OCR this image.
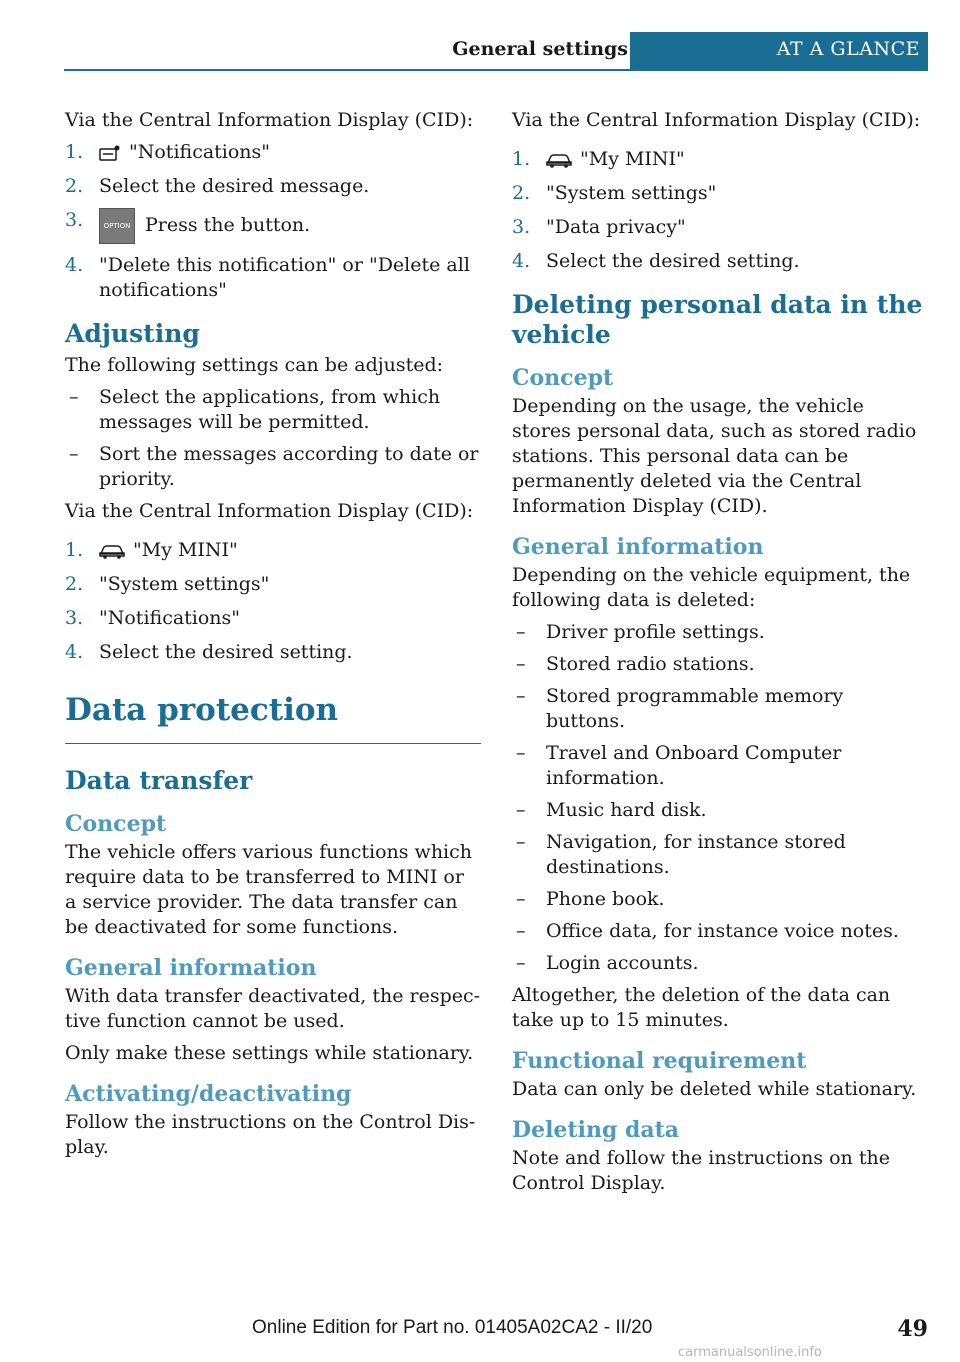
General settings	AT A GLANCE

Via the Central Information Display (CID):

1.	"Notifications"
2. Select the desired message.
3.	OPTION Press the button.
4. "Delete this notification" or "Delete all notifications"
Adjusting

The following settings can be adjusted:

–	Select the applications, from which messages will be permitted.
–	Sort the messages according to date or priority.

Via the Central Information Display (CID):

1.	"My MINI"
2. "System settings"
3. "Notifications"
4. Select the desired setting.
Data protection
Data transfer
Concept

The vehicle offers various functions which require data to be transferred to MINI or a service provider. The data transfer can be deactivated for some functions.

General information

With data transfer deactivated, the respective function cannot be used.

Only make these settings while stationary.

Activating/deactivating

Follow the instructions on the Control Display.

Via the Central Information Display (CID):

1.	"My MINI"
2. "System settings"
3. "Data privacy"
4. Select the desired setting.
Deleting personal data in the vehicle
Concept

Depending on the usage, the vehicle stores personal data, such as stored radio stations. This personal data can be permanently deleted via the Central Information Display (CID).

General information

Depending on the vehicle equipment, the following data is deleted:

–	Driver profile settings.
–	Stored radio stations.
–	Stored programmable memory buttons.
–	Travel and Onboard Computer information.
–	Music hard disk.
–	Navigation, for instance stored destinations.
–	Phone book.
–	Office data, for instance voice notes.
–	Login accounts.

Altogether, the deletion of the data can take up to 15 minutes.

Functional requirement

Data can only be deleted while stationary.

Deleting data

Note and follow the instructions on the Control Display.

Online Edition for Part no. 01405A02CA2 - II/20	49
carmanualsonline.info
